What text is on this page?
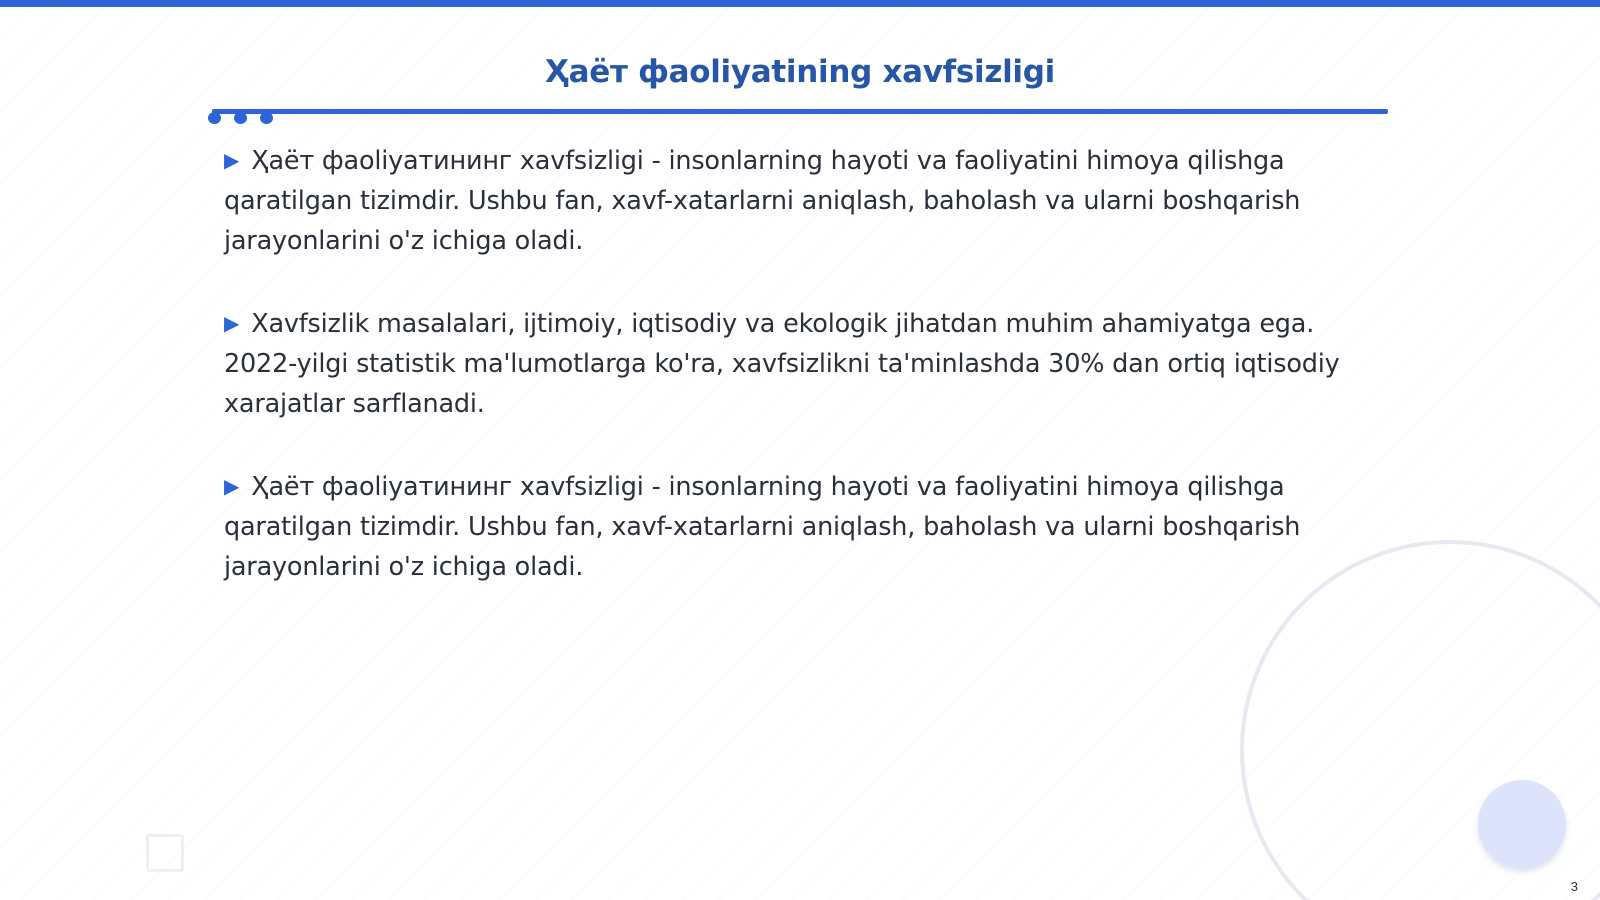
Ҳаёт фaoliyatining xavfsizligi

▶ Ҳаёт фaoliyатининг xavfsizligi - insonlarning hayoti va faoliyatini himoya qilishga qaratilgan tizimdir. Ushbu fan, xavf-xatarlarni aniqlash, baholash va ularni boshqarish jarayonlarini o'z ichiga oladi.

▶ Xavfsizlik masalalari, ijtimoiy, iqtisodiy va ekologik jihatdan muhim ahamiyatga ega. 2022-yilgi statistik ma'lumotlarga ko'ra, xavfsizlikni ta'minlashda 30% dan ortiq iqtisodiy xarajatlar sarflanadi.

▶ Ҳаёт фaoliyатининг xavfsizligi - insonlarning hayoti va faoliyatini himoya qilishga qaratilgan tizimdir. Ushbu fan, xavf-xatarlarni aniqlash, baholash va ularni boshqarish jarayonlarini o'z ichiga oladi.

3
